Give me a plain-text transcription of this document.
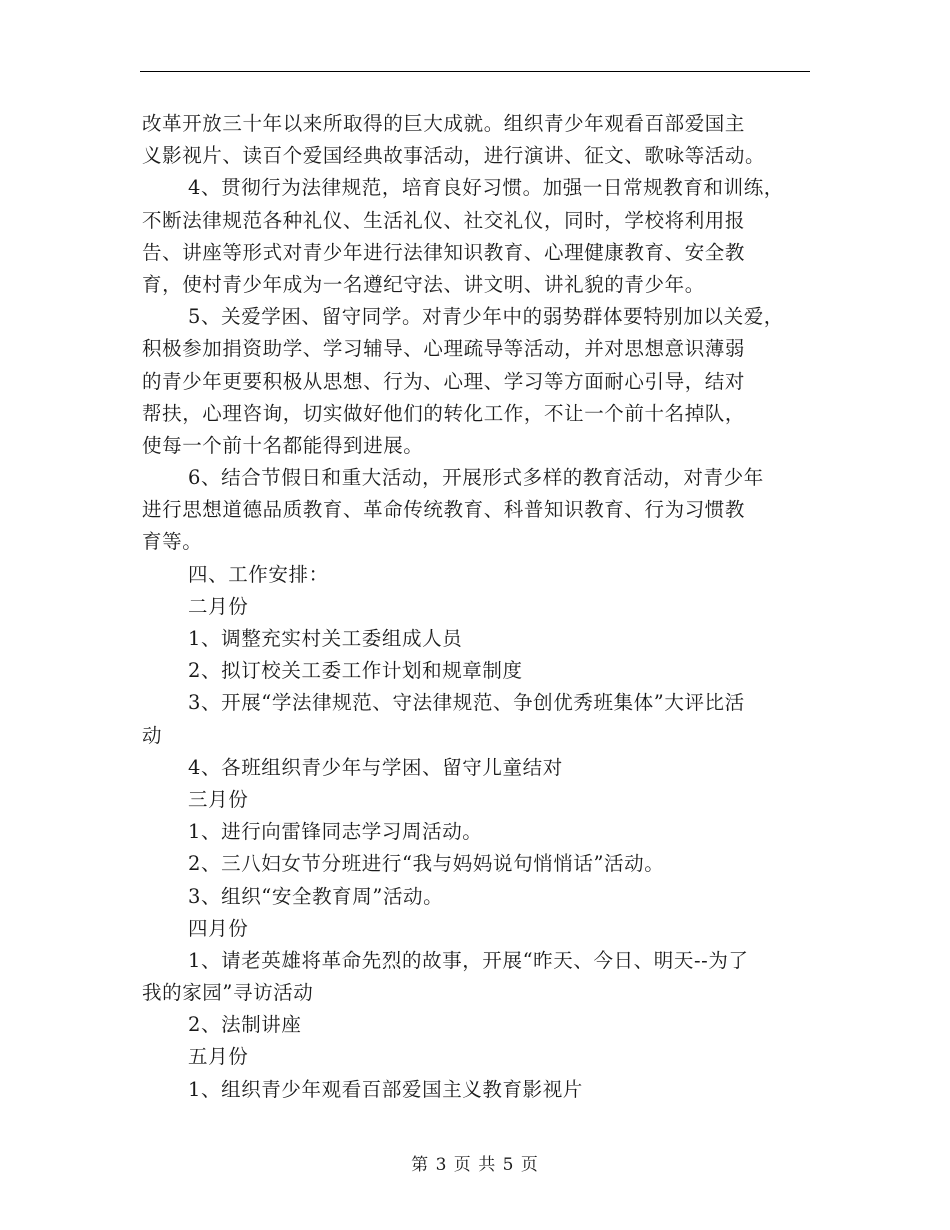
改革开放三十年以来所取得的巨大成就。组织青少年观看百部爱国主
义影视片、读百个爱国经典故事活动，进行演讲、征文、歌咏等活动。
4、贯彻行为法律规范，培育良好习惯。加强一日常规教育和训练，
不断法律规范各种礼仪、生活礼仪、社交礼仪，同时，学校将利用报
告、讲座等形式对青少年进行法律知识教育、心理健康教育、安全教
育，使村青少年成为一名遵纪守法、讲文明、讲礼貌的青少年。
5、关爱学困、留守同学。对青少年中的弱势群体要特别加以关爱，
积极参加捐资助学、学习辅导、心理疏导等活动，并对思想意识薄弱
的青少年更要积极从思想、行为、心理、学习等方面耐心引导，结对
帮扶，心理咨询，切实做好他们的转化工作，不让一个前十名掉队，
使每一个前十名都能得到进展。
6、结合节假日和重大活动，开展形式多样的教育活动，对青少年
进行思想道德品质教育、革命传统教育、科普知识教育、行为习惯教
育等。
四、工作安排：
二月份
1、调整充实村关工委组成人员
2、拟订校关工委工作计划和规章制度
3、开展“学法律规范、守法律规范、争创优秀班集体”大评比活
动
4、各班组织青少年与学困、留守儿童结对
三月份
1、进行向雷锋同志学习周活动。
2、三八妇女节分班进行“我与妈妈说句悄悄话”活动。
3、组织“安全教育周”活动。
四月份
1、请老英雄将革命先烈的故事，开展“昨天、今日、明天--为了
我的家园”寻访活动
2、法制讲座
五月份
1、组织青少年观看百部爱国主义教育影视片
第 3 页 共 5 页
